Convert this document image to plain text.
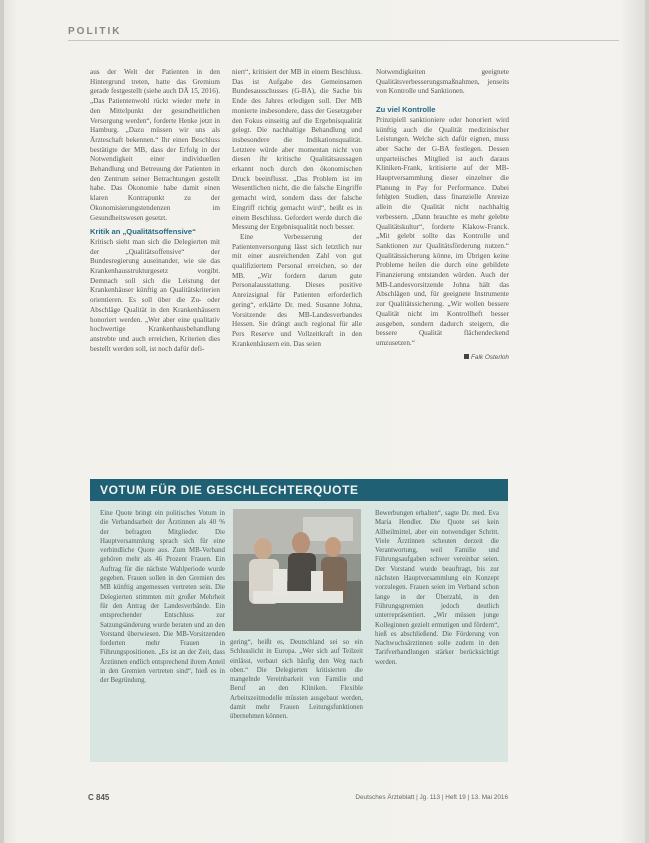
POLITIK

aus der Welt der Patienten in den Hintergrund treten, hatte das Gremium gerade festgestellt (siehe auch DÄ 15, 2016). „Das Patientenwohl rückt wieder mehr in den Mittelpunkt der gesundheitlichen Versorgung werden“, forderte Henke jetzt in Hamburg. „Dazu müssen wir uns als Ärzteschaft bekennen.“ Ihr einen Beschluss bestätigte der MB, dass der Erfolg in der Notwendigkeit einer individuellen Behandlung und Betreuung der Patienten in den Zentrum seiner Betrachtungen gestellt habe. Das Ökonomie habe damit einen klaren Kontrapunkt zu der Ökonomisierungstendenzen im Gesundheitswesen gesetzt.

Kritik an „Qualitätsoffensive“

Kritisch sieht man sich die Delegierten mit der „Qualitätsoffensive“ der Bundesregierung auseinander, wie sie das Krankenhausstrukturgesetz vorgibt. Demnach soll sich die Leistung der Krankenhäuser künftig an Qualitätskriterien orientieren. Es soll über die Zu- oder Abschläge Qualität in den Krankenhäusern honoriert werden. „Wer aber eine qualitativ hochwertige Krankenhausbehandlung anstrebte und auch erreichen, Kriterien dies bestellt werden soll, ist noch dafür defi-

niert“, kritisiert der MB in einem Beschluss. Das ist Aufgabe des Gemeinsamen Bundesausschusses (G-BA), die Sache bis Ende des Jahres erledigen soll. Der MB monierte insbesondere, dass der Gesetzgeber den Fokus einseitig auf die Ergebnisqualität gelegt. Die nachhaltige Behandlung und insbesondere die Indikationsqualität. Letztere würde aber momentan nicht von diesen ihr kritische Qualitätsaussagen erkannt noch durch den ökonomischen Druck beeinflusst. „Das Problem ist im Wesentlichen nicht, die die falsche Eingriffe gemacht wird, sondern dass der falsche Eingriff richtig gemacht wird“, heißt es in einem Beschluss. Gefordert werde durch die Messung der Ergebnisqualität noch besser.

Eine Verbesserung der Patientenversorgung lässt sich letztlich nur mit einer ausreichenden Zahl von gut qualifiziertem Personal erreichen, so der MB. „Wir fordern darum gute Personalausstattung. Dieses positive Anreizsignal für Patienten erforderlich gering“, erklärte Dr. med. Susanne Johna, Vorsitzende des MB-Landesverbandes Hessen. Sie drängt auch regional für alle Pers Reserve und Vollzeitkraft in den Krankenhäusern ein. Das seien

Notwendigkeiten geeignete Qualitätsverbesserungsmaßnahmen, jenseits von Kontrolle und Sanktionen.

Zu viel Kontrolle

Prinzipiell sanktioniere oder honoriert wird künftig auch die Qualität medizinischer Leistungen. Welche sich dafür eignen, muss aber Sache der G-BA festlegen. Dessen unparteiisches Mitglied ist auch daraus Kliniken-Frank, kritisierte auf der MB-Hauptversammlung dieser einzelner die Planung in Pay for Performance. Dabei fehlgten Studien, dass finanzielle Anreize allein die Qualität nicht nachhaltig verbessern. „Dann brauchte es mehr gelebte Qualitätskultur“, forderte Klakow-Franck. „Mit gelebt sollte das Kontrolle und Sanktionen zur Qualitätsförderung nutzen.“ Qualitätssicherung könne, im Übrigen keine Probleme heilen die durch eine gebildete Finanzierung entstanden würden. Auch der MB-Landesvorsitzende Johna hält das Abschlägen und, für geeignete Instrumente zur Qualitätssicherung. „Wir wollen bessere Qualität nicht im Kontrollheft besser ausgeben, sondern dadurch steigern, die bessere Qualität flächendeckend umzusetzen.“

Falk Osterloh
VOTUM FÜR DIE GESCHLECHTERQUOTE
Eine Quote bringt ein politisches Votum in die Verbandsarbeit der Ärztinnen als 40 % der befragten Mitglieder. Die Hauptversammlung sprach sich für eine verbindliche Quote aus. Zum MB-Verband gehören mehr als 46 Prozent Frauen. Ein Auftrag für die nächste Wahlperiode wurde gegeben. Frauen sollen in den Gremien des MB künftig angemessen vertreten sein. Die Delegierten stimmten mit großer Mehrheit für den Antrag der Landesverbände. Ein entsprechender Entschluss zur Satzungsänderung wurde beraten und an den Vorstand überwiesen. Die MB-Vorsitzenden forderten mehr Frauen in Führungspositionen. „Es ist an der Zeit, dass Ärztinnen endlich entsprechend ihrem Anteil in den Gremien vertreten sind“, hieß es in der Begründung.
gering“, heißt es, Deutschland sei so ein Schlusslicht in Europa. „Wer sich auf Teilzeit einlässt, verbaut sich häufig den Weg nach oben.“ Die Delegierten kritisierten die mangelnde Vereinbarkeit von Familie und Beruf an den Kliniken. Flexible Arbeitszeitmodelle müssten ausgebaut werden, damit mehr Frauen Leitungsfunktionen übernehmen können.
Bewerbungen erhalten“, sagte Dr. med. Eva Maria Hendler. Die Quote sei kein Allheilmittel, aber ein notwendiger Schritt. Viele Ärztinnen scheuten derzeit die Verantwortung, weil Familie und Führungsaufgaben schwer vereinbar seien. Der Vorstand wurde beauftragt, bis zur nächsten Hauptversammlung ein Konzept vorzulegen. Frauen seien im Verband schon lange in der Überzahl, in den Führungsgremien jedoch deutlich unterrepräsentiert. „Wir müssen junge Kolleginnen gezielt ermutigen und fördern“, hieß es abschließend. Die Förderung von Nachwuchsärztinnen solle zudem in den Tarifverhandlungen stärker berücksichtigt werden.
C 845	Deutsches Ärzteblatt | Jg. 113 | Heft 19 | 13. Mai 2016
